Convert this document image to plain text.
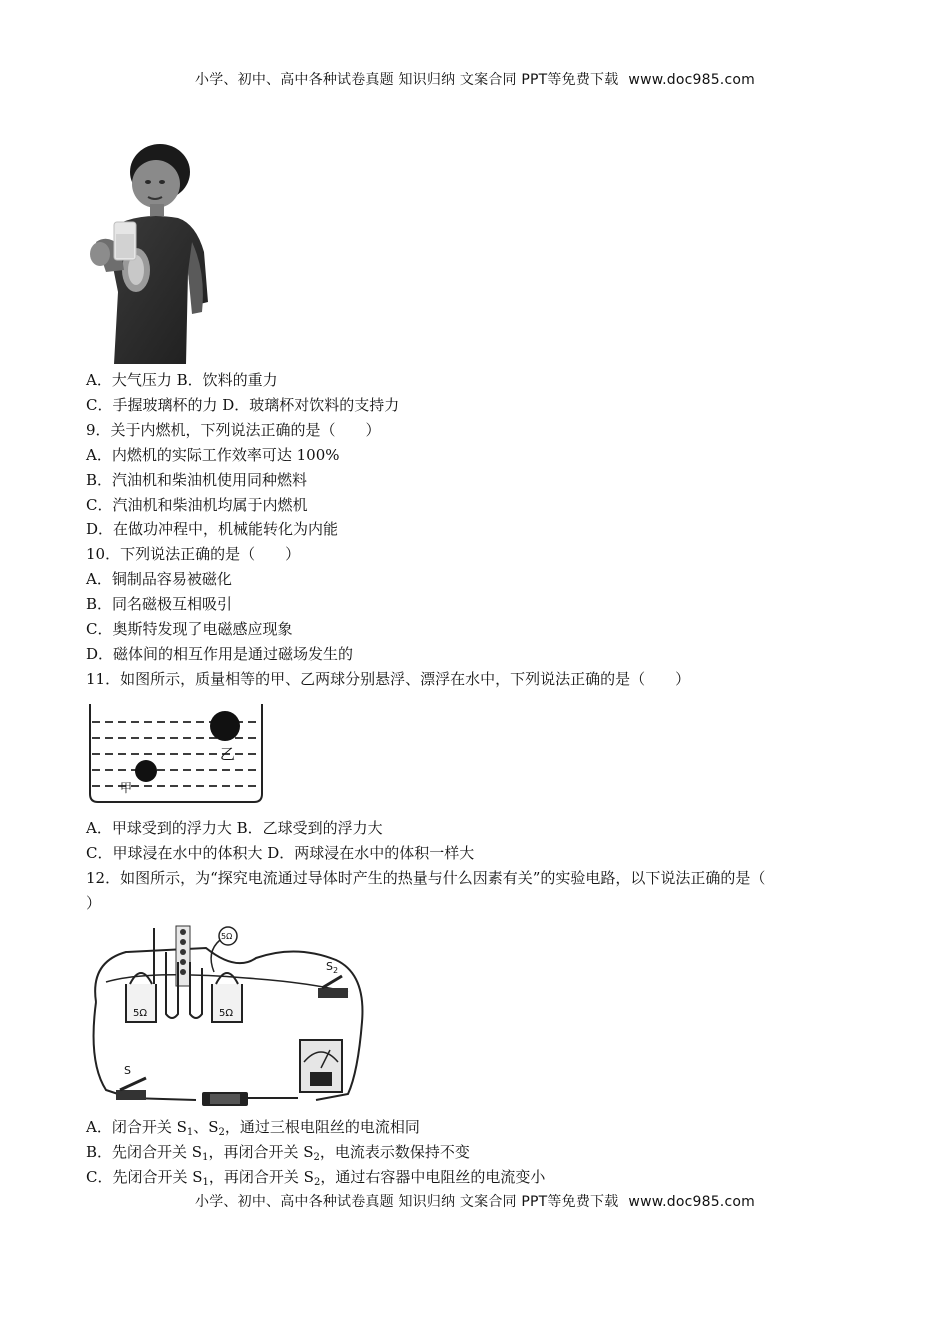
小学、初中、高中各种试卷真题 知识归纳 文案合同 PPT等免费下载 www.doc985.com
A．大气压力 B．饮料的重力
C．手握玻璃杯的力 D．玻璃杯对饮料的支持力
9．关于内燃机，下列说法正确的是（　　）
A．内燃机的实际工作效率可达 100%
B．汽油机和柴油机使用同种燃料
C．汽油机和柴油机均属于内燃机
D．在做功冲程中，机械能转化为内能
10．下列说法正确的是（　　）
A．铜制品容易被磁化
B．同名磁极互相吸引
C．奥斯特发现了电磁感应现象
D．磁体间的相互作用是通过磁场发生的
11．如图所示，质量相等的甲、乙两球分别悬浮、漂浮在水中，下列说法正确的是（　　）
乙
甲
A．甲球受到的浮力大 B．乙球受到的浮力大
C．甲球浸在水中的体积大 D．两球浸在水中的体积一样大
12．如图所示，为“探究电流通过导体时产生的热量与什么因素有关”的实验电路，以下说法正确的是（
）
5Ω	5Ω
5Ω
$S_2$
S
A．闭合开关 $S_1$、$S_2$，通过三根电阻丝的电流相同
B．先闭合开关 $S_1$，再闭合开关 $S_2$，电流表示数保持不变
C．先闭合开关 $S_1$，再闭合开关 $S_2$，通过右容器中电阻丝的电流变小
小学、初中、高中各种试卷真题 知识归纳 文案合同 PPT等免费下载 www.doc985.com
